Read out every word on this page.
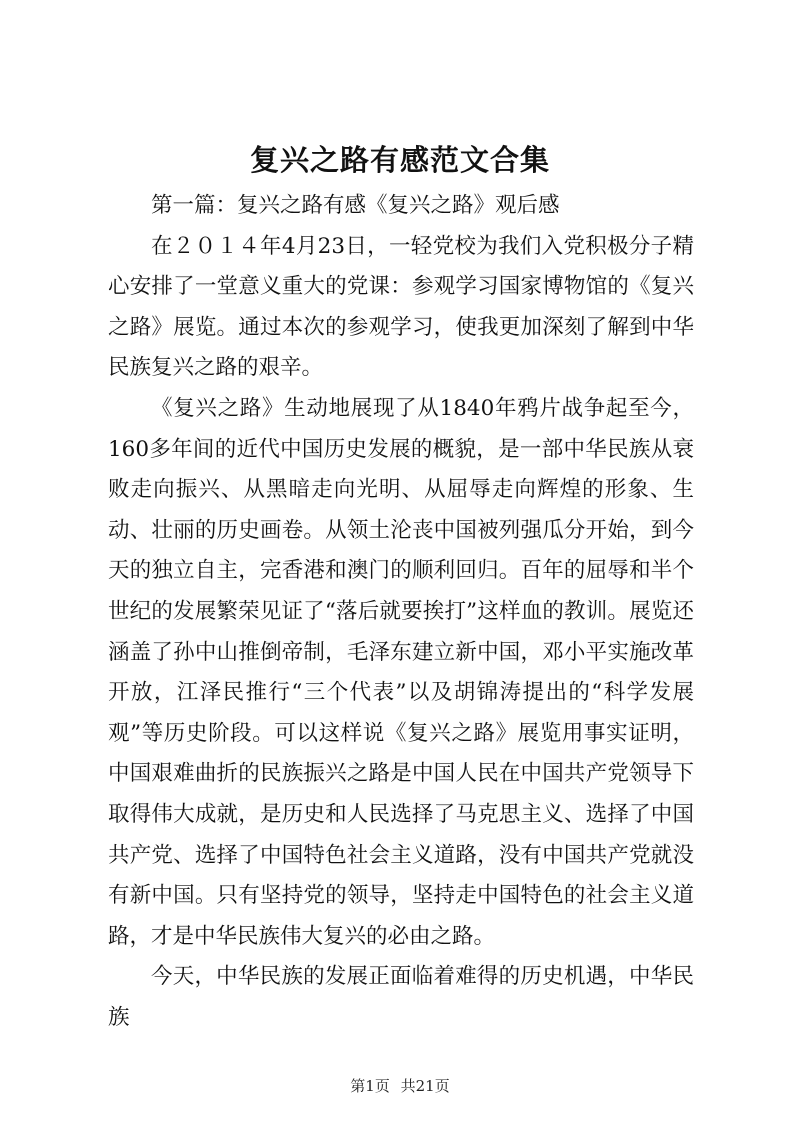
复兴之路有感范文合集

第一篇：复兴之路有感《复兴之路》观后感

在２０１４年4月23日，一轻党校为我们入党积极分子精心安排了一堂意义重大的党课：参观学习国家博物馆的《复兴之路》展览。通过本次的参观学习，使我更加深刻了解到中华民族复兴之路的艰辛。

《复兴之路》生动地展现了从1840年鸦片战争起至今，160多年间的近代中国历史发展的概貌，是一部中华民族从衰败走向振兴、从黑暗走向光明、从屈辱走向辉煌的形象、生动、壮丽的历史画卷。从领土沦丧中国被列强瓜分开始，到今天的独立自主，完香港和澳门的顺利回归。百年的屈辱和半个世纪的发展繁荣见证了“落后就要挨打”这样血的教训。展览还涵盖了孙中山推倒帝制，毛泽东建立新中国，邓小平实施改革开放，江泽民推行“三个代表”以及胡锦涛提出的“科学发展观”等历史阶段。可以这样说《复兴之路》展览用事实证明，中国艰难曲折的民族振兴之路是中国人民在中国共产党领导下取得伟大成就，是历史和人民选择了马克思主义、选择了中国共产党、选择了中国特色社会主义道路，没有中国共产党就没有新中国。只有坚持党的领导，坚持走中国特色的社会主义道路，才是中华民族伟大复兴的必由之路。

今天，中华民族的发展正面临着难得的历史机遇，中华民族

第1页 共21页
